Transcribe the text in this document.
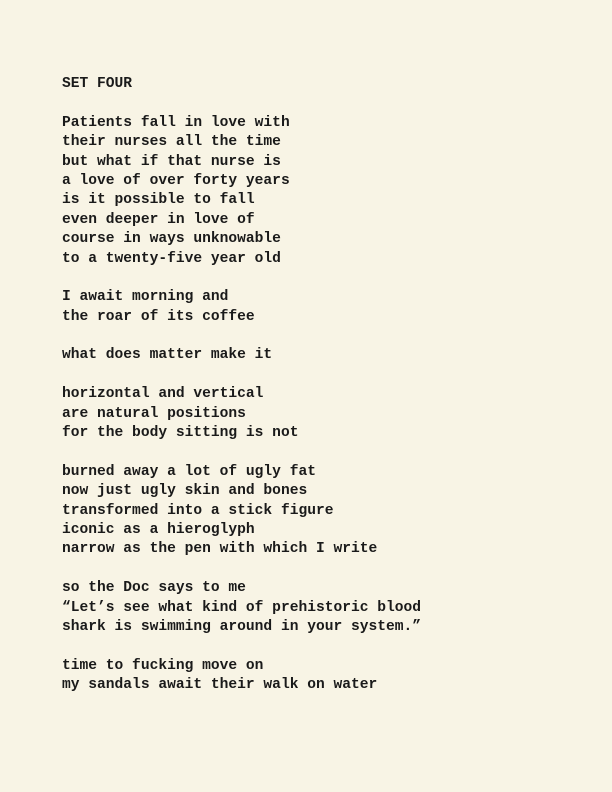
SET FOUR
Patients fall in love with
their nurses all the time
but what if that nurse is
a love of over forty years
is it possible to fall
even deeper in love of
course in ways unknowable
to a twenty-five year old
I await morning and
the roar of its coffee
what does matter make it
horizontal and vertical
are natural positions
for the body sitting is not
burned away a lot of ugly fat
now just ugly skin and bones
transformed into a stick figure
iconic as a hieroglyph
narrow as the pen with which I write
so the Doc says to me
“Let’s see what kind of prehistoric blood
shark is swimming around in your system.”
time to fucking move on
my sandals await their walk on water
